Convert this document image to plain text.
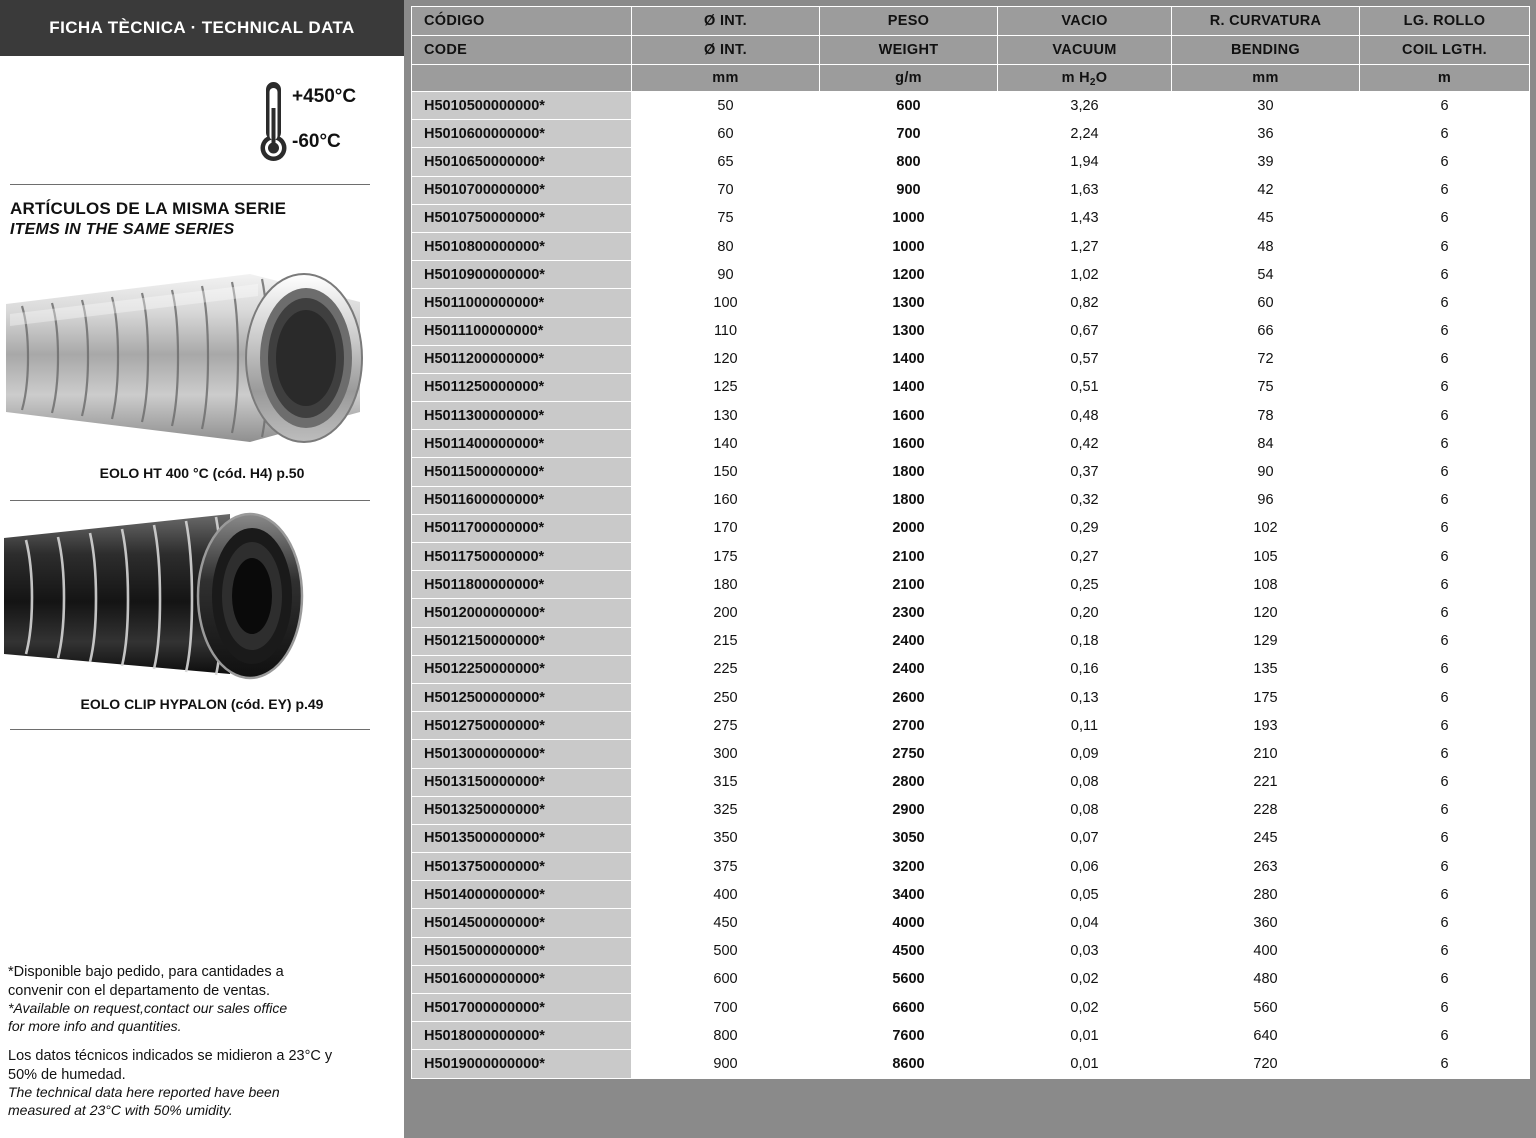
FICHA TÈCNICA · TECHNICAL DATA
+450°C
-60°C
ARTÍCULOS DE LA MISMA SERIE
ITEMS IN THE SAME SERIES
EOLO HT 400 °C (cód. H4) p.50
EOLO CLIP HYPALON (cód. EY) p.49
*Disponible bajo pedido, para cantidades a
convenir con el departamento de ventas.
*Available on request,contact our sales office
for more info and quantities.
Los datos técnicos indicados se midieron a 23°C y
50% de humedad.
The technical data here reported have been
measured at 23°C with 50% umidity.
CÓDIGO	Ø INT.	PESO	VACIO	R. CURVATURA	LG. ROLLO
CODE	Ø INT.	WEIGHT	VACUUM	BENDING	COIL LGTH.
	mm	g/m	m $H_2O$	mm	m
H5010500000000*	50	600	3,26	30	6
H5010600000000*	60	700	2,24	36	6
H5010650000000*	65	800	1,94	39	6
H5010700000000*	70	900	1,63	42	6
H5010750000000*	75	1000	1,43	45	6
H5010800000000*	80	1000	1,27	48	6
H5010900000000*	90	1200	1,02	54	6
H5011000000000*	100	1300	0,82	60	6
H5011100000000*	110	1300	0,67	66	6
H5011200000000*	120	1400	0,57	72	6
H5011250000000*	125	1400	0,51	75	6
H5011300000000*	130	1600	0,48	78	6
H5011400000000*	140	1600	0,42	84	6
H5011500000000*	150	1800	0,37	90	6
H5011600000000*	160	1800	0,32	96	6
H5011700000000*	170	2000	0,29	102	6
H5011750000000*	175	2100	0,27	105	6
H5011800000000*	180	2100	0,25	108	6
H5012000000000*	200	2300	0,20	120	6
H5012150000000*	215	2400	0,18	129	6
H5012250000000*	225	2400	0,16	135	6
H5012500000000*	250	2600	0,13	175	6
H5012750000000*	275	2700	0,11	193	6
H5013000000000*	300	2750	0,09	210	6
H5013150000000*	315	2800	0,08	221	6
H5013250000000*	325	2900	0,08	228	6
H5013500000000*	350	3050	0,07	245	6
H5013750000000*	375	3200	0,06	263	6
H5014000000000*	400	3400	0,05	280	6
H5014500000000*	450	4000	0,04	360	6
H5015000000000*	500	4500	0,03	400	6
H5016000000000*	600	5600	0,02	480	6
H5017000000000*	700	6600	0,02	560	6
H5018000000000*	800	7600	0,01	640	6
H5019000000000*	900	8600	0,01	720	6
